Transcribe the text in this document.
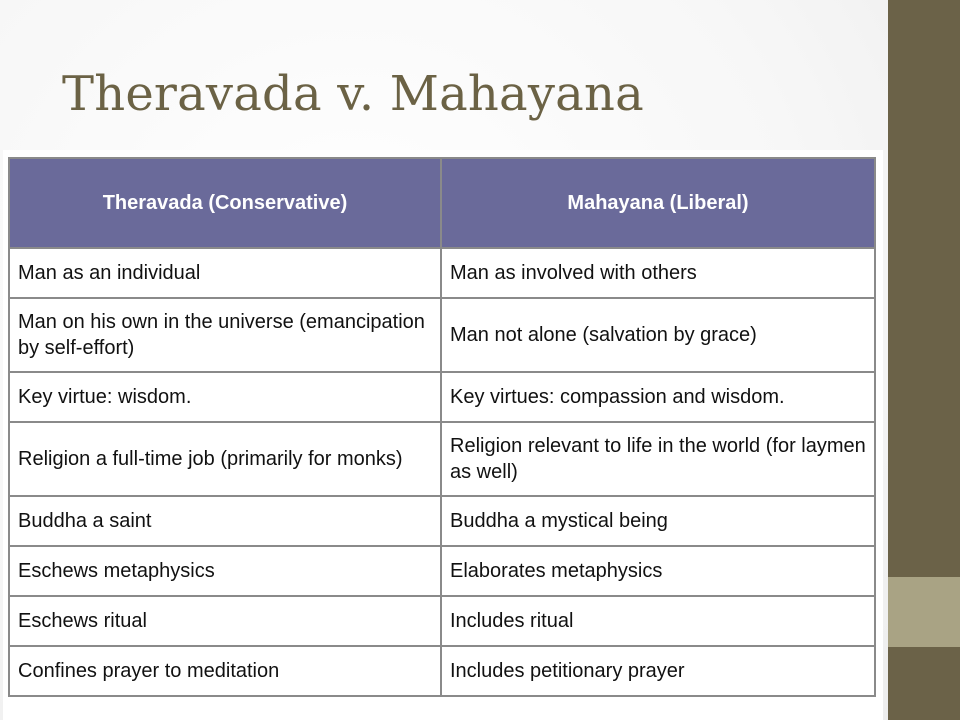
Theravada v. Mahayana
Theravada (Conservative)	Mahayana (Liberal)
Man as an individual	Man as involved with others
Man on his own in the universe (emancipation by self-effort)	Man not alone (salvation by grace)
Key virtue: wisdom.	Key virtues: compassion and wisdom.
Religion a full-time job (primarily for monks)	Religion relevant to life in the world (for laymen as well)
Buddha a saint	Buddha a mystical being
Eschews metaphysics	Elaborates metaphysics
Eschews ritual	Includes ritual
Confines prayer to meditation	Includes petitionary prayer
